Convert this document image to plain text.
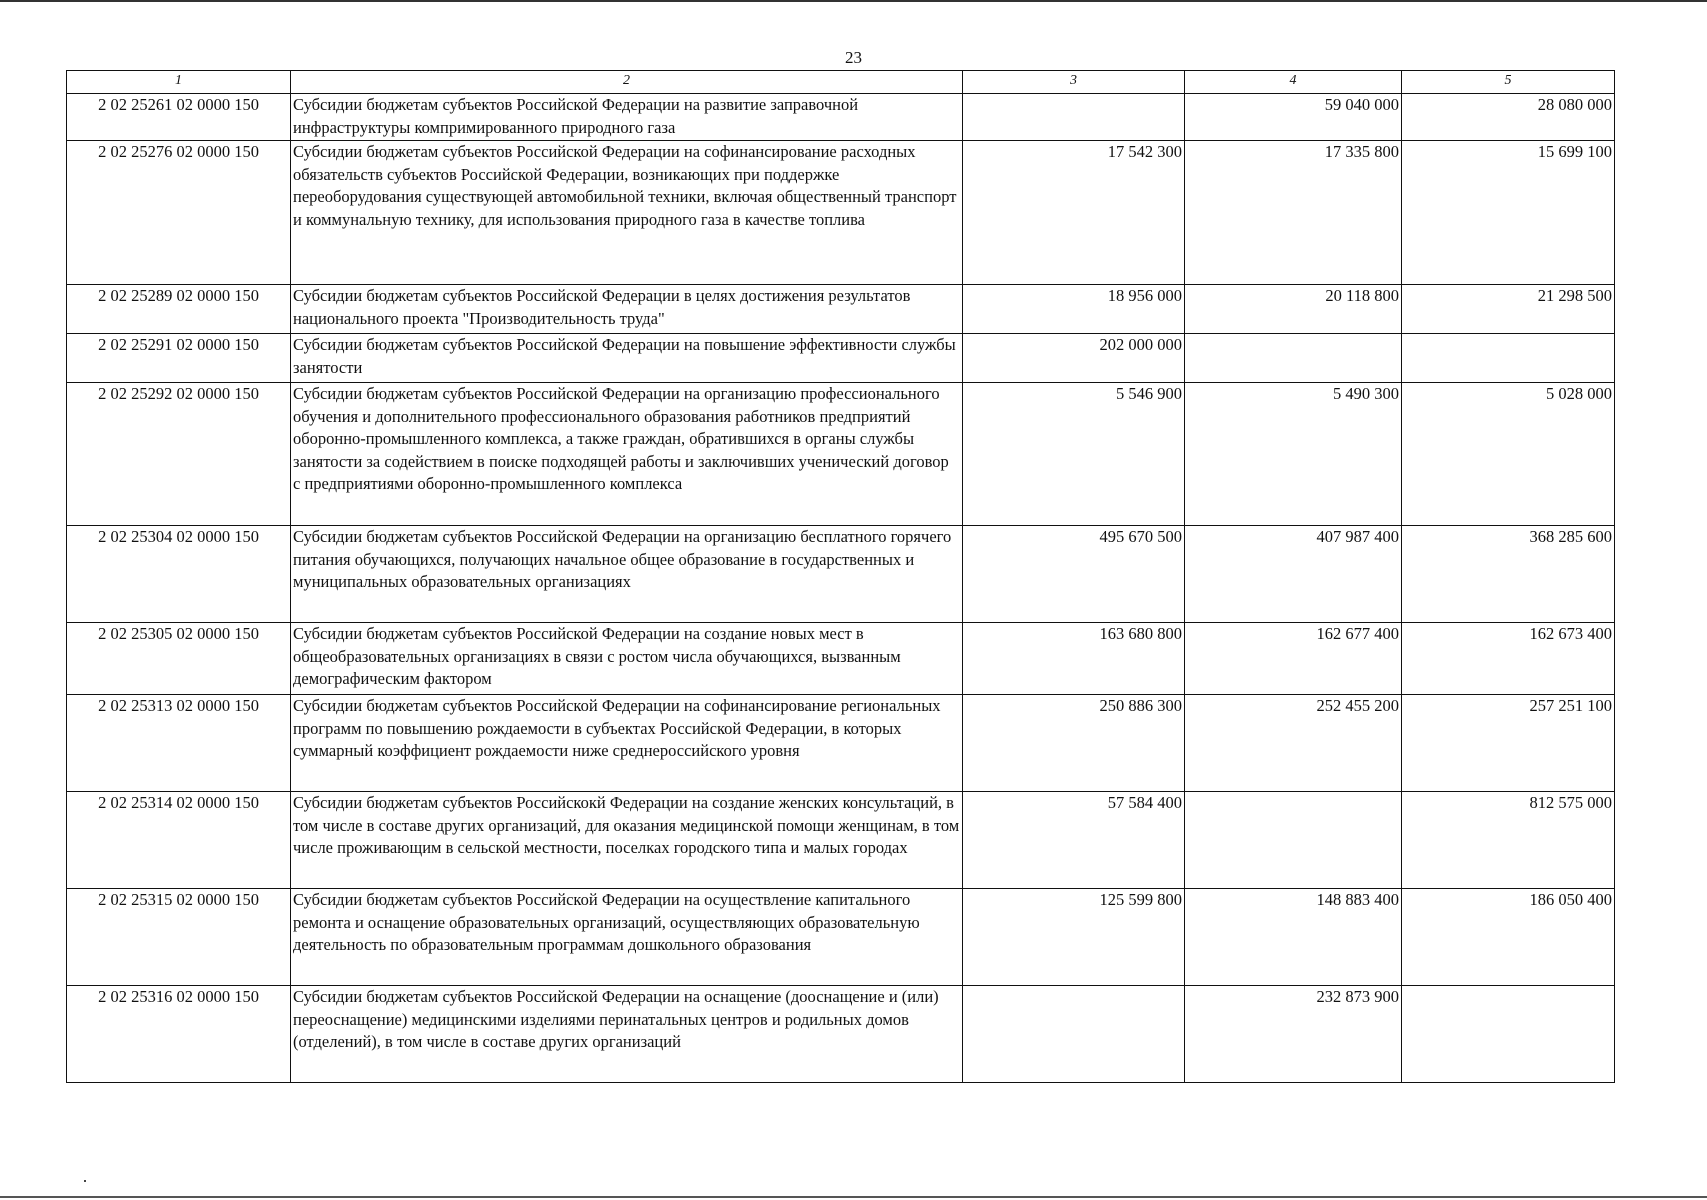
23
1	2	3	4	5
2 02 25261 02 0000 150	Субсидии бюджетам субъектов Российской Федерации на развитие заправочной инфраструктуры компримированного природного газа		59 040 000	28 080 000
2 02 25276 02 0000 150	Субсидии бюджетам субъектов Российской Федерации на софинансирование расходных обязательств субъектов Российской Федерации, возникающих при поддержке переоборудования существующей автомобильной техники, включая общественный транспорт и коммунальную технику, для использования природного газа в качестве топлива	17 542 300	17 335 800	15 699 100
2 02 25289 02 0000 150	Субсидии бюджетам субъектов Российской Федерации в целях достижения результатов национального проекта "Производительность труда"	18 956 000	20 118 800	21 298 500
2 02 25291 02 0000 150	Субсидии бюджетам субъектов Российской Федерации на повышение эффективности службы занятости	202 000 000		
2 02 25292 02 0000 150	Субсидии бюджетам субъектов Российской Федерации на организацию профессионального обучения и дополнительного профессионального образования работников предприятий оборонно-промышленного комплекса, а также граждан, обратившихся в органы службы занятости за содействием в поиске подходящей работы и заключивших ученический договор с предприятиями оборонно-промышленного комплекса	5 546 900	5 490 300	5 028 000
2 02 25304 02 0000 150	Субсидии бюджетам субъектов Российской Федерации на организацию бесплатного горячего питания обучающихся, получающих начальное общее образование в государственных и муниципальных образовательных организациях	495 670 500	407 987 400	368 285 600
2 02 25305 02 0000 150	Субсидии бюджетам субъектов Российской Федерации на создание новых мест в общеобразовательных организациях в связи с ростом числа обучающихся, вызванным демографическим фактором	163 680 800	162 677 400	162 673 400
2 02 25313 02 0000 150	Субсидии бюджетам субъектов Российской Федерации на софинансирование региональных программ по повышению рождаемости в субъектах Российской Федерации, в которых суммарный коэффициент рождаемости ниже среднероссийского уровня	250 886 300	252 455 200	257 251 100
2 02 25314 02 0000 150	Субсидии бюджетам субъектов Российскокй Федерации на создание женских консультаций, в том числе в составе других организаций, для оказания медицинской помощи женщинам, в том числе проживающим в сельской местности, поселках городского типа и малых городах	57 584 400		812 575 000
2 02 25315 02 0000 150	Субсидии бюджетам субъектов Российской Федерации на осуществление капитального ремонта и оснащение образовательных организаций, осуществляющих образовательную деятельность по образовательным программам дошкольного образования	125 599 800	148 883 400	186 050 400
2 02 25316 02 0000 150	Субсидии бюджетам субъектов Российской Федерации на оснащение (дооснащение и (или) переоснащение) медицинскими изделиями перинатальных центров и родильных домов (отделений), в том числе в составе других организаций		232 873 900	
